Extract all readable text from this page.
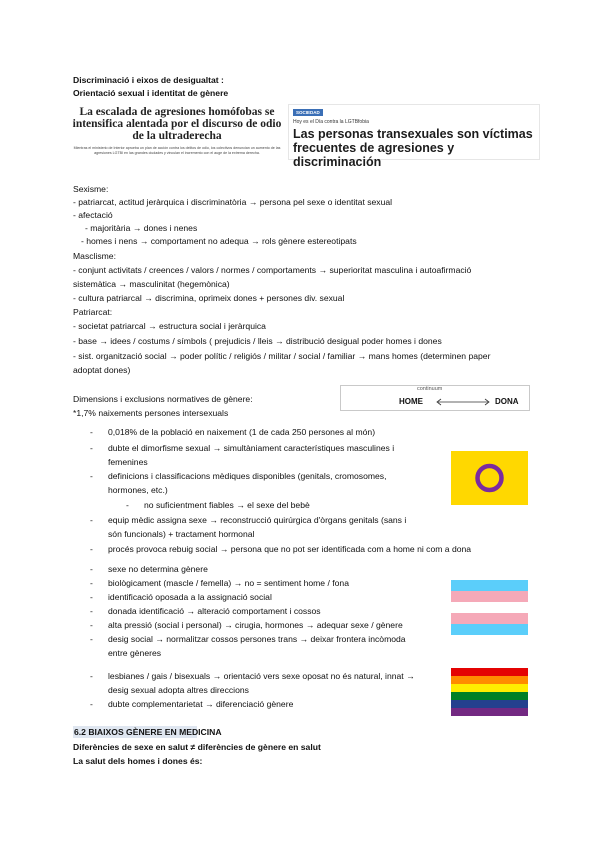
Discriminació i eixos de desigualtat :
Orientació sexual i identitat de gènere
La escalada de agresiones homófobas se intensifica alentada por el discurso de odio de la ultraderecha
Mientras el ministerio de Interior aprueba un plan de acción contra los delitos de odio, los colectivos denuncian un aumento de las agresiones LGTBI en las grandes ciudades y vinculan el incremento con el auge de la extrema derecha.
SOCIEDAD
Hoy es el Día contra la LGTBfobia
Las personas transexuales son víctimas frecuentes de agresiones y discriminación
Sexisme:
- patriarcat, actitud jeràrquica i discriminatòria → persona pel sexe o identitat sexual
- afectació
- majoritària → dones i nenes
- homes i nens → comportament no adequa → rols gènere estereotipats
Masclisme:
- conjunt activitats / creences / valors / normes / comportaments → superioritat masculina i autoafirmació
sistemàtica → masculinitat (hegemònica)
- cultura patriarcal → discrimina, oprimeix dones + persones div. sexual
Patriarcat:
- societat patriarcal → estructura social i jeràrquica
- base → idees / costums / símbols ( prejudicis / lleis → distribució desigual poder homes i dones
- sist. organització social → poder polític / religiós / militar / social / familiar → mans homes (determinen paper
adoptat dones)
Dimensions i exclusions normatives de gènere:
*1,7% naixements persones intersexuals
HOME	DONA
continuum
- 0,018% de la població en naixement (1 de cada 250 persones al món)
- dubte el dimorfisme sexual → simultàniament característiques masculines i
femenines
- definicions i classificacions mèdiques disponibles (genitals, cromosomes,
hormones, etc.)
- no suficientment fiables → el sexe del bebè
- equip mèdic assigna sexe → reconstrucció quirúrgica d'òrgans genitals (sans i
són funcionals) + tractament hormonal
- procés provoca rebuig social → persona que no pot ser identificada com a home ni com a dona
- sexe no determina gènere
- biològicament (mascle / femella) → no = sentiment home / fona
- identificació oposada a la assignació social
- donada identificació → alteració comportament i cossos
- alta pressió (social i personal) → cirugia, hormones → adequar sexe / gènere
- desig social → normalitzar cossos persones trans → deixar frontera incòmoda
entre gèneres
- lesbianes / gais / bisexuals → orientació vers sexe oposat no és natural, innat →
desig sexual adopta altres direccions
- dubte complementarietat → diferenciació gènere
6.2 BIAIXOS GÈNERE EN MEDICINA
Diferències de sexe en salut ≠ diferències de gènere en salut
La salut dels homes i dones és:
